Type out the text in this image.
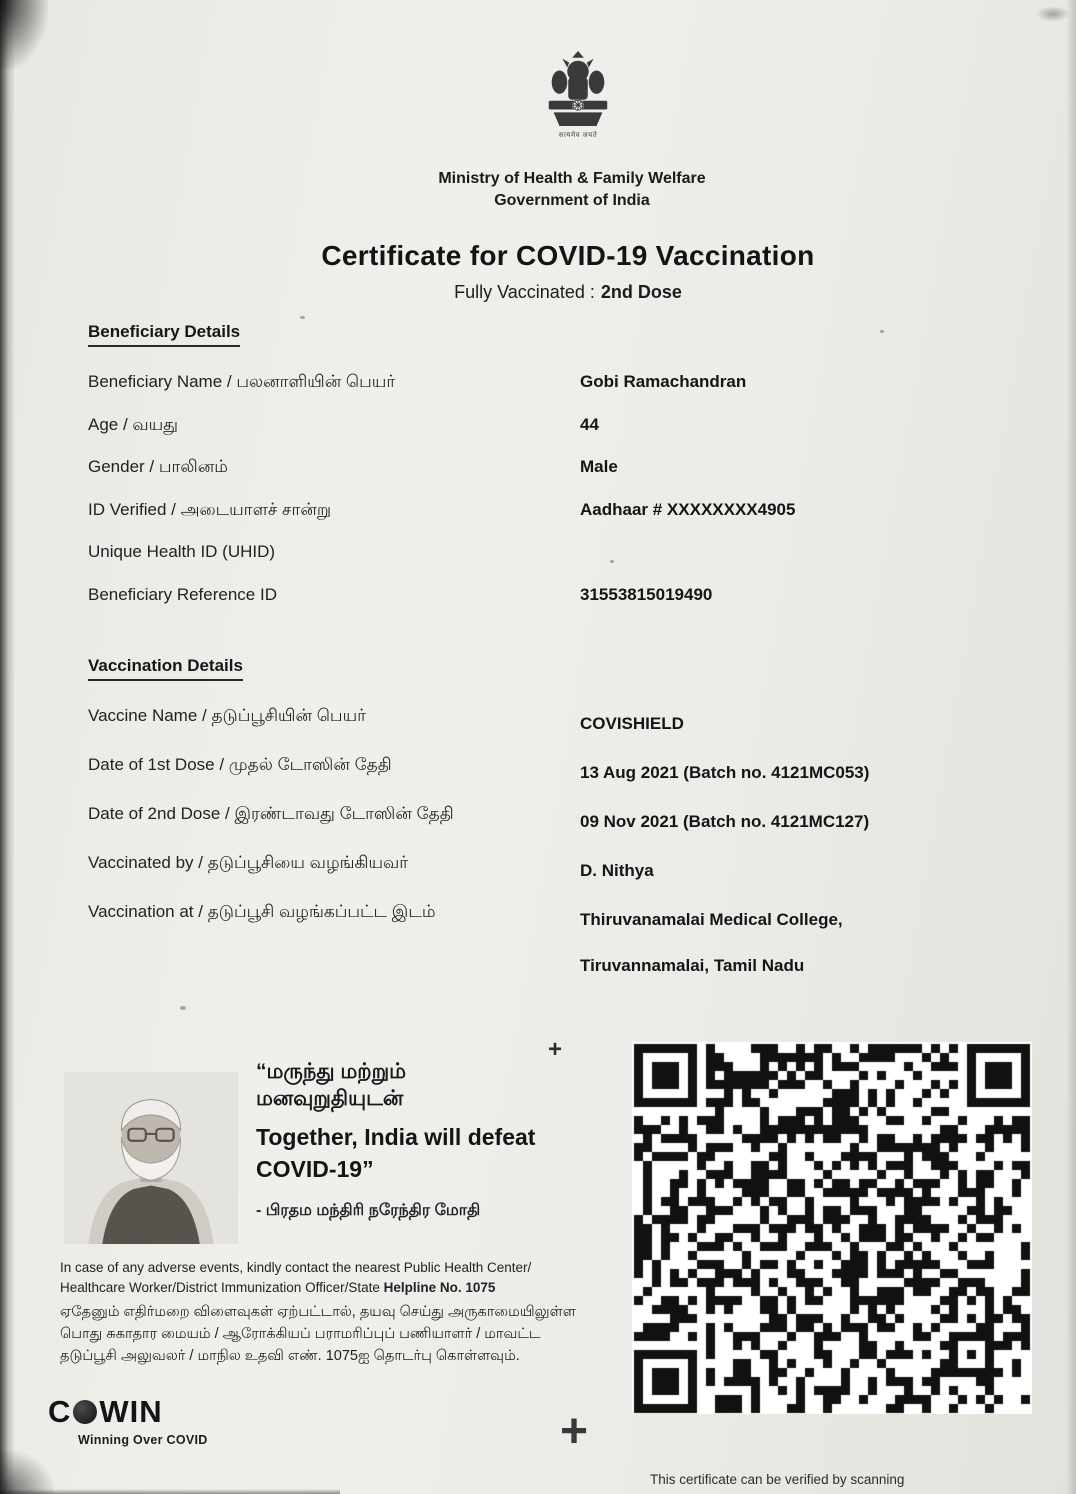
सत्यमेव जयते
Ministry of Health & Family Welfare
Government of India
Certificate for COVID-19 Vaccination
Fully Vaccinated : 2nd Dose
Beneficiary Details
Beneficiary Name / பலனாளியின் பெயர்	Gobi Ramachandran
Age / வயது	44
Gender / பாலினம்	Male
ID Verified / அடையாளச் சான்று	Aadhaar # XXXXXXXX4905
Unique Health ID (UHID)
Beneficiary Reference ID	31553815019490
Vaccination Details
Vaccine Name / தடுப்பூசியின் பெயர்	COVISHIELD
Date of 1st Dose / முதல் டோஸின் தேதி	13 Aug 2021 (Batch no. 4121MC053)
Date of 2nd Dose / இரண்டாவது டோஸின் தேதி	09 Nov 2021 (Batch no. 4121MC127)
Vaccinated by / தடுப்பூசியை வழங்கியவர்	D. Nithya
Vaccination at / தடுப்பூசி வழங்கப்பட்ட இடம்	Thiruvanamalai Medical College,
Tiruvannamalai, Tamil Nadu
“மருந்து மற்றும்
மனவுறுதியுடன்
Together, India will defeat
COVID-19”
- பிரதம மந்திரி நரேந்திர மோதி
+
In case of any adverse events, kindly contact the nearest Public Health Center/
Healthcare Worker/District Immunization Officer/State Helpline No. 1075
ஏதேனும் எதிர்மறை விளைவுகள் ஏற்பட்டால், தயவு செய்து அருகாமையிலுள்ள பொது சுகாதார மையம் / ஆரோக்கியப் பராமரிப்புப் பணியாளர் / மாவட்ட தடுப்பூசி அலுவலர் / மாநில உதவி எண். 1075ஐ தொடர்பு கொள்ளவும்.
C WIN
Winning Over COVID	+
This certificate can be verified by scanning
